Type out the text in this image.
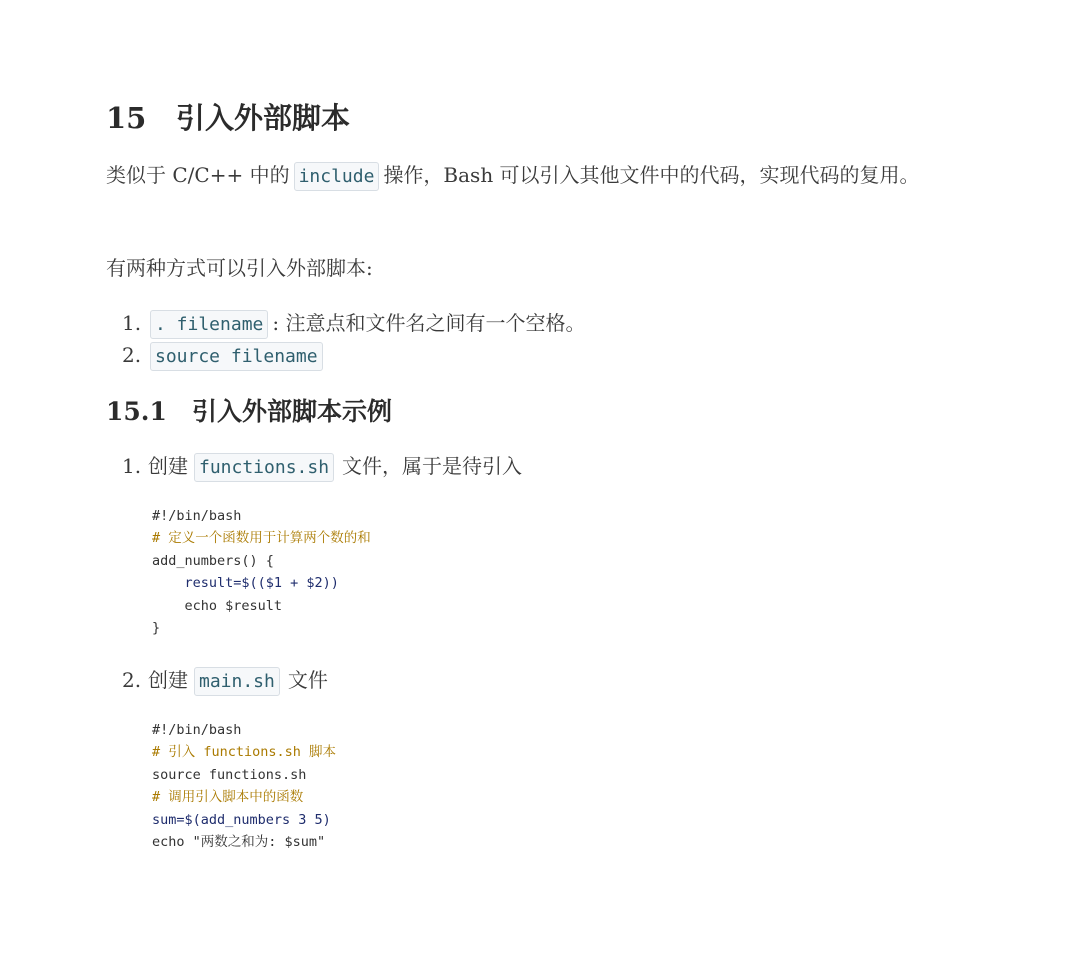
15 引入外部脚本
类似于 C/C++ 中的 include 操作，Bash 可以引入其他文件中的代码，实现代码的复用。
有两种方式可以引入外部脚本:
1. . filename : 注意点和文件名之间有一个空格。
2. source filename
15.1 引入外部脚本示例
1. 创建 functions.sh 文件，属于是待引入
#!/bin/bash
# 定义一个函数用于计算两个数的和
add_numbers() {
result=$(($1 + $2))
echo $result
}
2. 创建 main.sh 文件
#!/bin/bash
# 引入 functions.sh 脚本
source functions.sh
# 调用引入脚本中的函数
sum=$(add_numbers 3 5)
echo "两数之和为: $sum"
